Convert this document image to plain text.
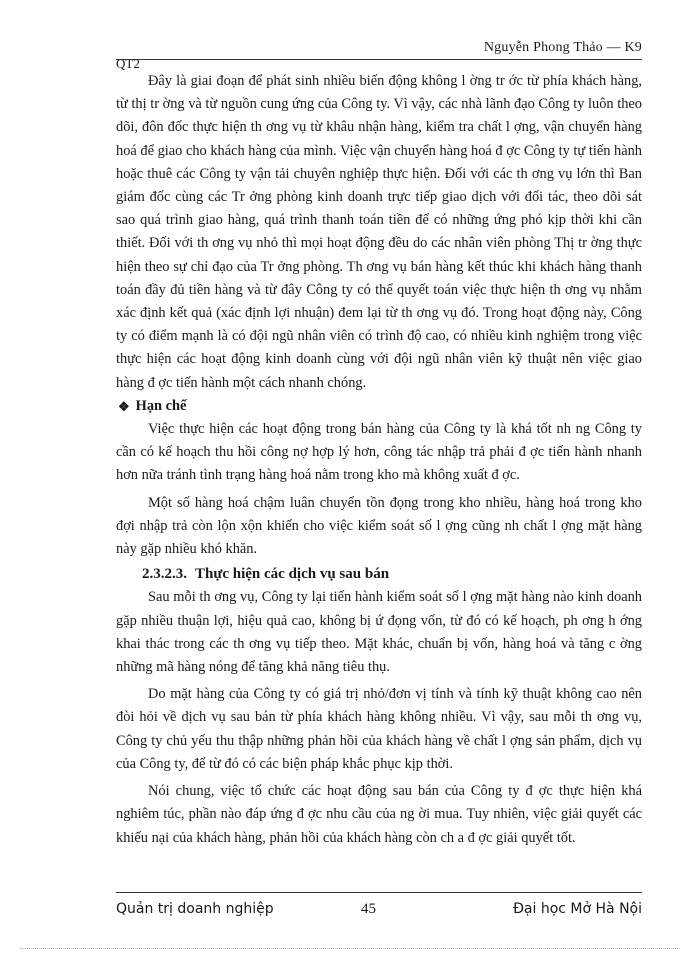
Nguyễn Phong Thảo — K9
QT2

Đây là giai đoạn để phát sinh nhiều biến động không l ờng tr ớc từ phía khách hàng, từ thị tr ờng và từ nguồn cung ứng của Công ty. Vì vậy, các nhà lãnh đạo Công ty luôn theo dõi, đôn đốc thực hiện th ơng vụ từ khâu nhận hàng, kiểm tra chất l ợng, vận chuyển hàng hoá để giao cho khách hàng của mình. Việc vận chuyển hàng hoá đ ợc Công ty tự tiến hành hoặc thuê các Công ty vận tải chuyên nghiệp thực hiện. Đối với các th ơng vụ lớn thì Ban giám đốc cùng các Tr ởng phòng kinh doanh trực tiếp giao dịch với đối tác, theo dõi sát sao quá trình giao hàng, quá trình thanh toán tiền để có những ứng phó kịp thời khi cần thiết. Đối với th ơng vụ nhỏ thì mọi hoạt động đều do các nhân viên phòng Thị tr ờng thực hiện theo sự chỉ đạo của Tr ởng phòng. Th ơng vụ bán hàng kết thúc khi khách hàng thanh toán đầy đủ tiền hàng và từ đây Công ty có thể quyết toán việc thực hiện th ơng vụ nhằm xác định kết quả (xác định lợi nhuận) đem lại từ th ơng vụ đó. Trong hoạt động này, Công ty có điểm mạnh là có đội ngũ nhân viên có trình độ cao, có nhiều kinh nghiệm trong việc thực hiện các hoạt động kinh doanh cùng với đội ngũ nhân viên kỹ thuật nên việc giao hàng đ ợc tiến hành một cách nhanh chóng.

❖ Hạn chế

Việc thực hiện các hoạt động trong bán hàng của Công ty là khá tốt nh ng Công ty cần có kế hoạch thu hồi công nợ hợp lý hơn, công tác nhập trả phải đ ợc tiến hành nhanh hơn nữa tránh tình trạng hàng hoá nằm trong kho mà không xuất đ ợc.

Một số hàng hoá chậm luân chuyển tồn đọng trong kho nhiều, hàng hoá trong kho đợi nhập trả còn lộn xộn khiến cho việc kiểm soát số l ợng cũng nh chất l ợng mặt hàng này gặp nhiều khó khăn.

2.3.2.3. Thực hiện các dịch vụ sau bán

Sau mỗi th ơng vụ, Công ty lại tiến hành kiểm soát số l ợng mặt hàng nào kinh doanh gặp nhiều thuận lợi, hiệu quả cao, không bị ứ đọng vốn, từ đó có kế hoạch, ph ơng h ớng khai thác trong các th ơng vụ tiếp theo. Mặt khác, chuẩn bị vốn, hàng hoá và tăng c ờng những mã hàng nóng để tăng khả năng tiêu thụ.

Do mặt hàng của Công ty có giá trị nhỏ/đơn vị tính và tính kỹ thuật không cao nên đòi hỏi về dịch vụ sau bán từ phía khách hàng không nhiều. Vì vậy, sau mỗi th ơng vụ, Công ty chủ yếu thu thập những phản hồi của khách hàng về chất l ợng sản phẩm, dịch vụ của Công ty, để từ đó có các biện pháp khắc phục kịp thời.

Nói chung, việc tổ chức các hoạt động sau bán của Công ty đ ợc thực hiện khá nghiêm túc, phần nào đáp ứng đ ợc nhu cầu của ng ời mua. Tuy nhiên, việc giải quyết các khiếu nại của khách hàng, phản hồi của khách hàng còn ch a đ ợc giải quyết tốt.

Quản trị doanh nghiệp	45	Đại học Mở Hà Nội
